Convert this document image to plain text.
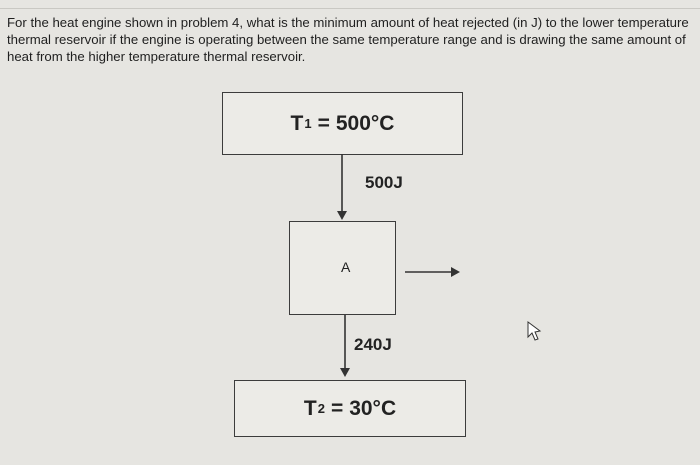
For the heat engine shown in problem 4, what is the minimum amount of heat rejected (in J) to the lower temperature thermal reservoir if the engine is operating between the same temperature range and is drawing the same amount of heat from the higher temperature thermal reservoir.

T 1 = 500°C
500J
A
240J
T 2 = 30°C
